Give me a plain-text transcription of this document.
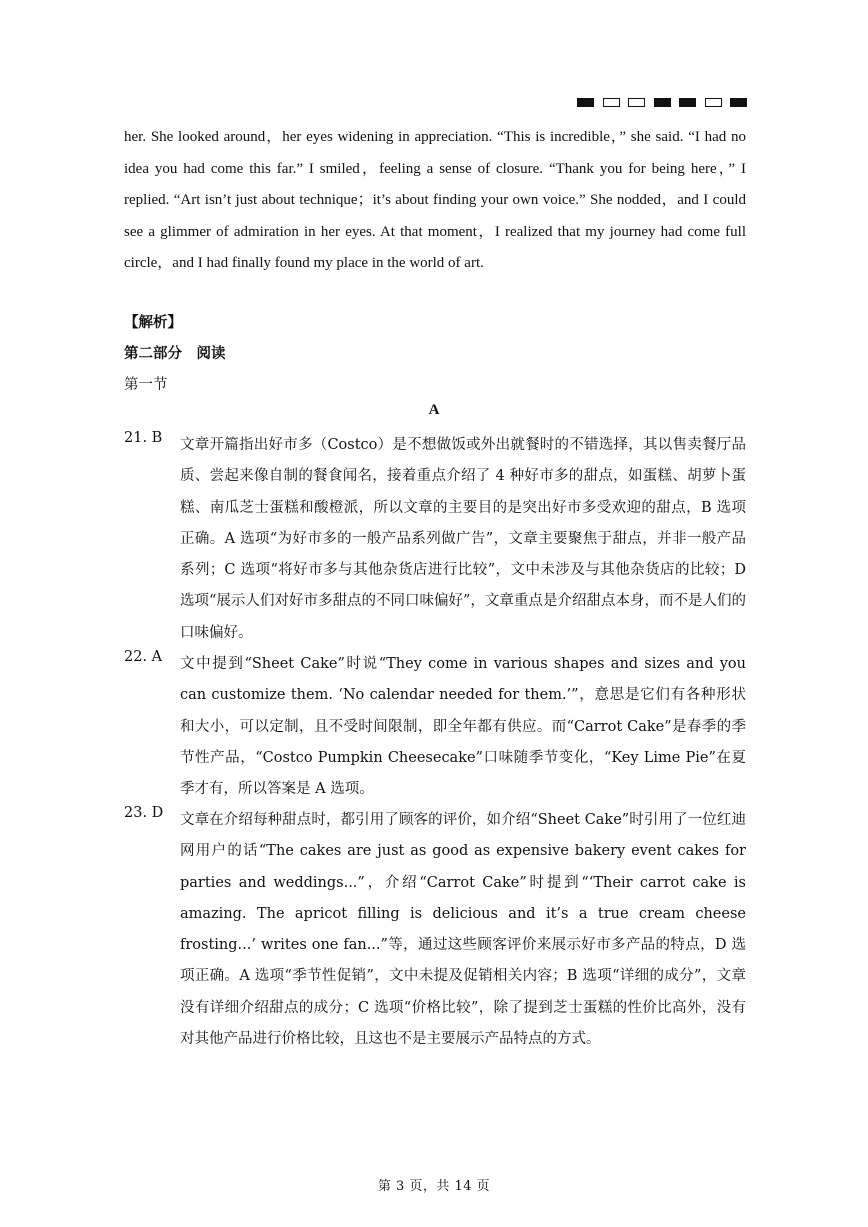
her. She looked around，her eyes widening in appreciation. “This is incredible，” she said. “I had no idea you had come this far.” I smiled，feeling a sense of closure. “Thank you for being here，” I replied. “Art isn’t just about technique；it’s about finding your own voice.” She nodded，and I could see a glimmer of admiration in her eyes. At that moment，I realized that my journey had come full circle，and I had finally found my place in the world of art.
【解析】
第二部分　阅读
第一节
A
21. B	文章开篇指出好市多（Costco）是不想做饭或外出就餐时的不错选择，其以售卖餐厅品质、尝起来像自制的餐食闻名，接着重点介绍了 4 种好市多的甜点，如蛋糕、胡萝卜蛋糕、南瓜芝士蛋糕和酸橙派，所以文章的主要目的是突出好市多受欢迎的甜点，B 选项正确。A 选项“为好市多的一般产品系列做广告”，文章主要聚焦于甜点，并非一般产品系列；C 选项“将好市多与其他杂货店进行比较”，文中未涉及与其他杂货店的比较；D 选项“展示人们对好市多甜点的不同口味偏好”，文章重点是介绍甜点本身，而不是人们的口味偏好。

22. A	文中提到“Sheet Cake”时说“They come in various shapes and sizes and you can customize them. ‘No calendar needed for them.’”，意思是它们有各种形状和大小，可以定制，且不受时间限制，即全年都有供应。而“Carrot Cake”是春季的季节性产品，“Costco Pumpkin Cheesecake”口味随季节变化，“Key Lime Pie”在夏季才有，所以答案是 A 选项。

23. D	文章在介绍每种甜点时，都引用了顾客的评价，如介绍“Sheet Cake”时引用了一位红迪网用户的话“The cakes are just as good as expensive bakery event cakes for parties and weddings...”，介绍“Carrot Cake”时提到“‘Their carrot cake is amazing. The apricot filling is delicious and it’s a true cream cheese frosting...’ writes one fan...”等，通过这些顾客评价来展示好市多产品的特点，D 选项正确。A 选项“季节性促销”，文中未提及促销相关内容；B 选项“详细的成分”，文章没有详细介绍甜点的成分；C 选项“价格比较”，除了提到芝士蛋糕的性价比高外，没有对其他产品进行价格比较，且这也不是主要展示产品特点的方式。

第 3 页，共 14 页
